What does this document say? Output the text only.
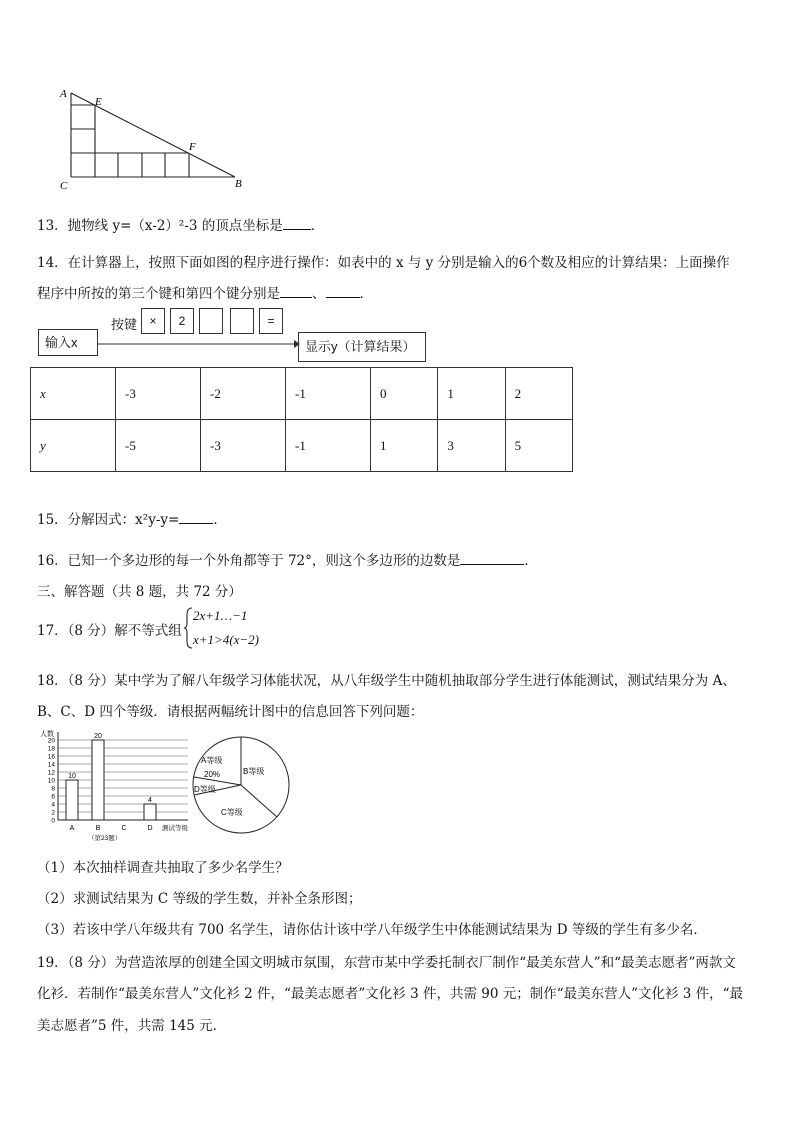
A
E
F
B
C
13．抛物线 y=（x-2）²-3 的顶点坐标是 ．
14．在计算器上，按照下面如图的程序进行操作：如表中的 x 与 y 分别是输入的6个数及相应的计算结果：上面操作
程序中所按的第三个键和第四个键分别是 、	．
输入x
按键	×	2	=
显示y（计算结果）
x	-3	-2	-1	0	1	2
y	-5	-3	-1	1	3	5
15．分解因式：x²y-y=	．
16．已知一个多边形的每一个外角都等于 72°，则这个多边形的边数是	．
三、解答题（共 8 题，共 72 分）
17．（8 分）解不等式组
2x+1…−1
x+1>4(x−2)
18．（8 分）某中学为了解八年级学习体能状况，从八年级学生中随机抽取部分学生进行体能测试，测试结果分为 A、
B、C、D 四个等级．请根据两幅统计图中的信息回答下列问题：
0
2
4
6
8
10
12
14
16
18
20
人数
测试等级
（第23题）
A
10
B
20
C	D
4
A等级
20%	B等级
D等级
C等级
（1）本次抽样调查共抽取了多少名学生？
（2）求测试结果为 C 等级的学生数，并补全条形图；
（3）若该中学八年级共有 700 名学生，请你估计该中学八年级学生中体能测试结果为 D 等级的学生有多少名．
19．（8 分）为营造浓厚的创建全国文明城市氛围，东营市某中学委托制衣厂制作“最美东营人”和“最美志愿者”两款文
化衫．若制作“最美东营人”文化衫 2 件，“最美志愿者”文化衫 3 件，共需 90 元；制作“最美东营人”文化衫 3 件，“最
美志愿者”5 件，共需 145 元．
